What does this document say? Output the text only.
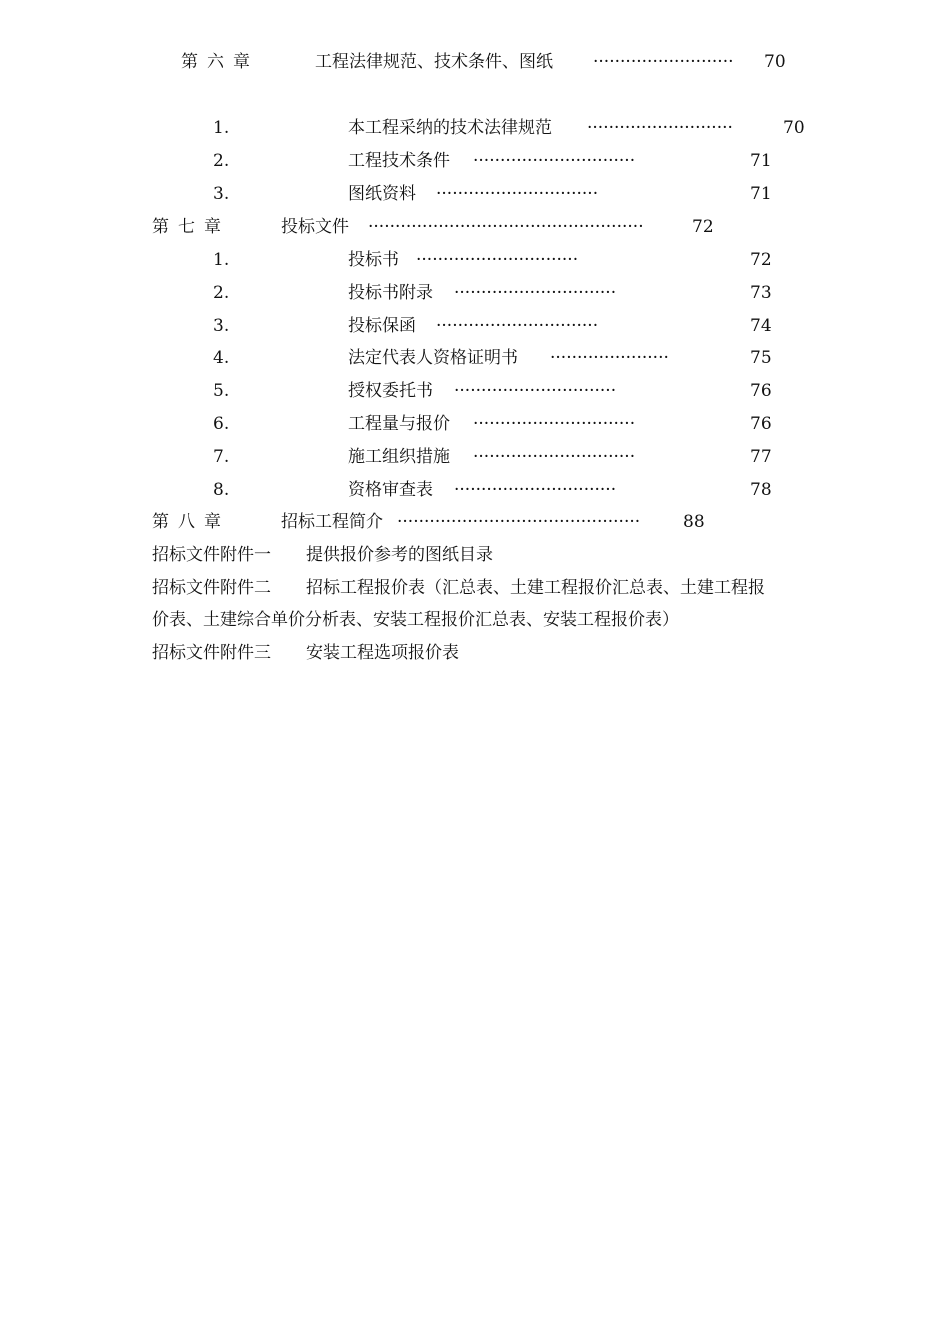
第六章	工程法律规范、技术条件、图纸 ·························· 70
1.	本工程采纳的技术法律规范 ···························	70
2.	工程技术条件 ······························	71
3.	图纸资料 ······························	71
第七章	投标文件 ···················································	72
1.	投标书 ······························	72
2.	投标书附录 ······························	73
3.	投标保函 ······························	74
4.	法定代表人资格证明书 ······················	75
5.	授权委托书 ······························	76
6.	工程量与报价 ······························	76
7.	施工组织措施 ······························	77
8.	资格审查表 ······························	78
第八章	招标工程简介 ·············································	88
招标文件附件一 提供报价参考的图纸目录
招标文件附件二 招标工程报价表（汇总表、土建工程报价汇总表、土建工程报
价表、土建综合单价分析表、安装工程报价汇总表、安装工程报价表）
招标文件附件三 安装工程选项报价表
